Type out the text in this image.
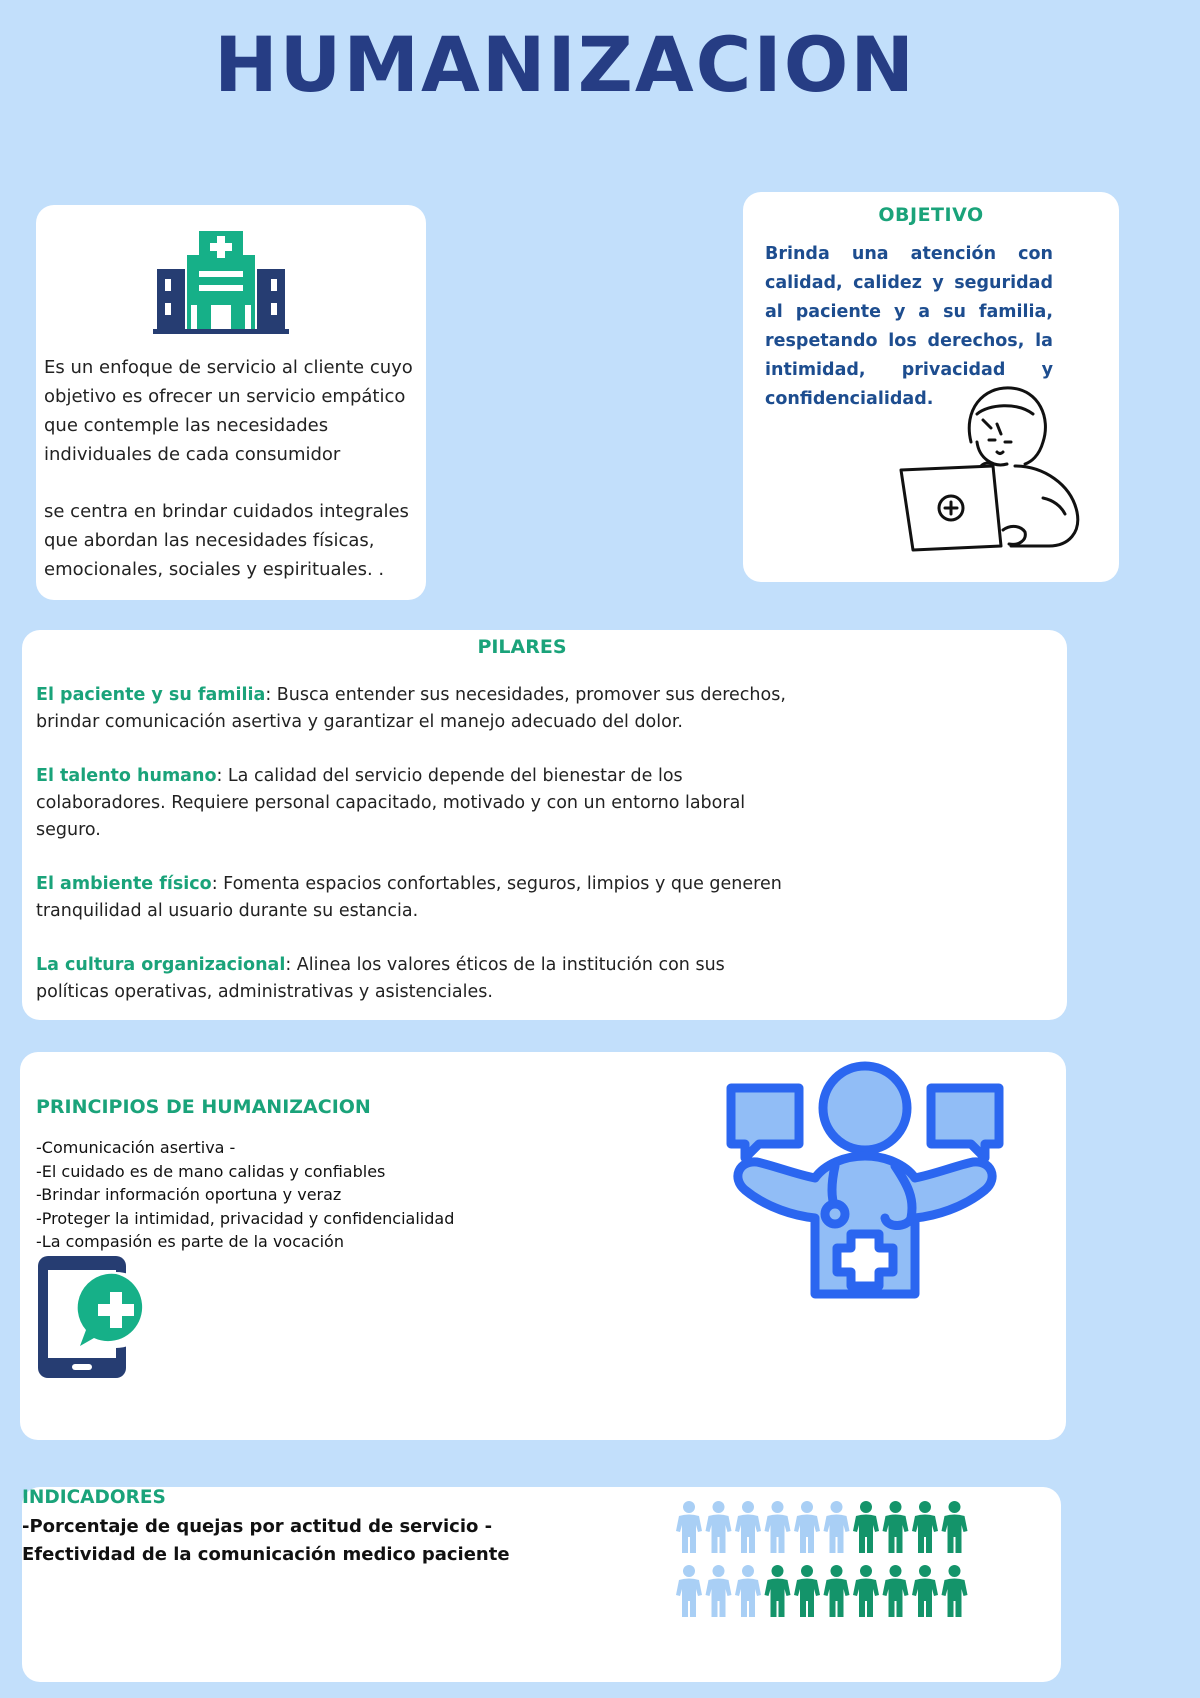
HUMANIZACION

Es un enfoque de servicio al cliente cuyo objetivo es ofrecer un servicio empático que contemple las necesidades individuales de cada consumidor

se centra en brindar cuidados integrales que abordan las necesidades físicas, emocionales, sociales y espirituales. .

OBJETIVO
Brinda una atención con calidad, calidez y seguridad al paciente y a su familia, respetando los derechos, la intimidad, privacidad y confidencialidad.
PILARES
El paciente y su familia: Busca entender sus necesidades, promover sus derechos, brindar comunicación asertiva y garantizar el manejo adecuado del dolor.
El talento humano: La calidad del servicio depende del bienestar de los colaboradores. Requiere personal capacitado, motivado y con un entorno laboral seguro.
El ambiente físico: Fomenta espacios confortables, seguros, limpios y que generen tranquilidad al usuario durante su estancia.
La cultura organizacional: Alinea los valores éticos de la institución con sus políticas operativas, administrativas y asistenciales.
PRINCIPIOS DE HUMANIZACION
-Comunicación asertiva -
-El cuidado es de mano calidas y confiables
-Brindar información oportuna y veraz
-Proteger la intimidad, privacidad y confidencialidad
-La compasión es parte de la vocación
INDICADORES
-Porcentaje de quejas por actitud de servicio - Efectividad de la comunicación medico paciente
